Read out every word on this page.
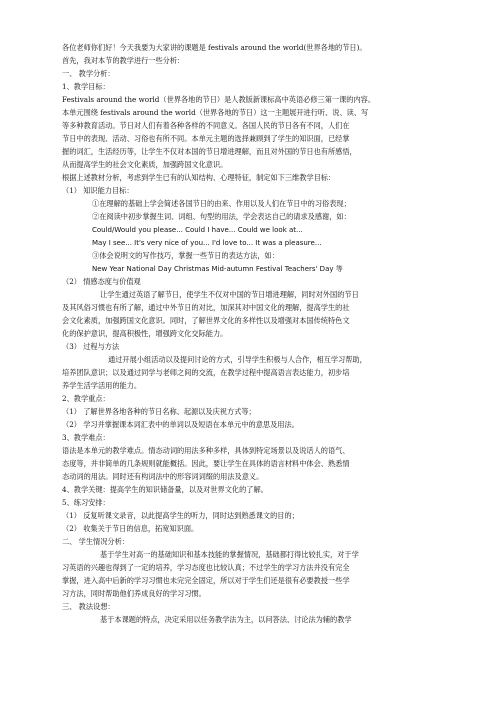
各位老师你们好！今天我要为大家讲的课题是 festivals around the world(世界各地的节日)。
首先，我对本节的教学进行一些分析：
一、 教学分析：
1、教学目标：
Festivals around the world（世界各地的节日）是人教版新课标高中英语必修三第一课的内容。
本单元围绕 festivals around the world（世界各地的节日）这一主题展开进行听、说、读、写
等多种教育活动。节日对人们有着各种各样的不同意义。各国人民的节日各有不同，人们在
节日中的表现、活动、习俗也有所不同。本单元主题的选择兼顾到了学生的知识面，已经掌
握的词汇，生活经历等，让学生不仅对本国的节日增进理解，而且对外国的节日也有所感悟，
从而提高学生的社会文化素质，加强跨国文化意识。
根据上述教材分析，考虑到学生已有的认知结构、心理特征，制定如下三维教学目标：
（1） 知识能力目标：
①在理解的基础上学会简述各国节日的由来、作用以及人们在节日中的习俗表现；
②在阅读中初步掌握生词、词组、句型的用法，学会表达自己的请求及感谢，如：
Could/Would you please... Could I have... Could we look at...
May I see... It's very nice of you... I'd love to... It was a pleasure...
③体会说明文的写作技巧，掌握一些节日的表达方法，如：
New Year National Day Christmas Mid-autumn Festival Teachers' Day 等
（2） 情感态度与价值观
让学生通过英语了解节日，使学生不仅对中国的节日增进理解，同时对外国的节日
及其风俗习惯也有所了解，通过中外节日的对比，加深其对中国文化的理解，提高学生的社
会文化素质，加强跨国文化意识。同时，了解世界文化的多样性以及增强对本国传统特色文
化的保护意识，提高积极性，增强跨文化交际能力。
（3） 过程与方法
通过开展小组活动以及提问讨论的方式，引导学生积极与人合作，相互学习帮助，
培养团队意识；以及通过同学与老师之间的交流，在教学过程中提高语言表达能力，初步培
养学生活学活用的能力。
2、教学重点：
（1） 了解世界各地各种的节日名称、起源以及庆祝方式等；
（2） 学习并掌握课本词汇表中的单词以及短语在本单元中的意思及用法。
3、教学难点：
语法是本单元的教学难点。情态动词的用法多种多样，具体到特定场景以及说话人的语气、
态度等，并非简单的几条规则就能概括。因此，要让学生在具体的语言材料中体会、熟悉情
态动词的用法。同时还有构词法中的形容词词缀的用法及意义。
4、教学关键：提高学生的知识储备量，以及对世界文化的了解。
5、练习安排：
（1） 反复听课文录音，以此提高学生的听力，同时达到熟悉课文的目的；
（2） 收集关于节日的信息，拓宽知识面。
二、 学生情况分析：
基于学生对高一的基础知识和基本技能的掌握情况，基础都打得比较扎实，对于学
习英语的兴趣也得到了一定的培养，学习态度也比较认真；不过学生的学习方法并没有完全
掌握，进入高中后新的学习习惯也未完完全固定，所以对于学生们还是很有必要教授一些学
习方法，同时帮助他们养成良好的学习习惯。
三、 教法设想：
基于本课题的特点，决定采用以任务教学法为主，以问答法、讨论法为辅的教学
